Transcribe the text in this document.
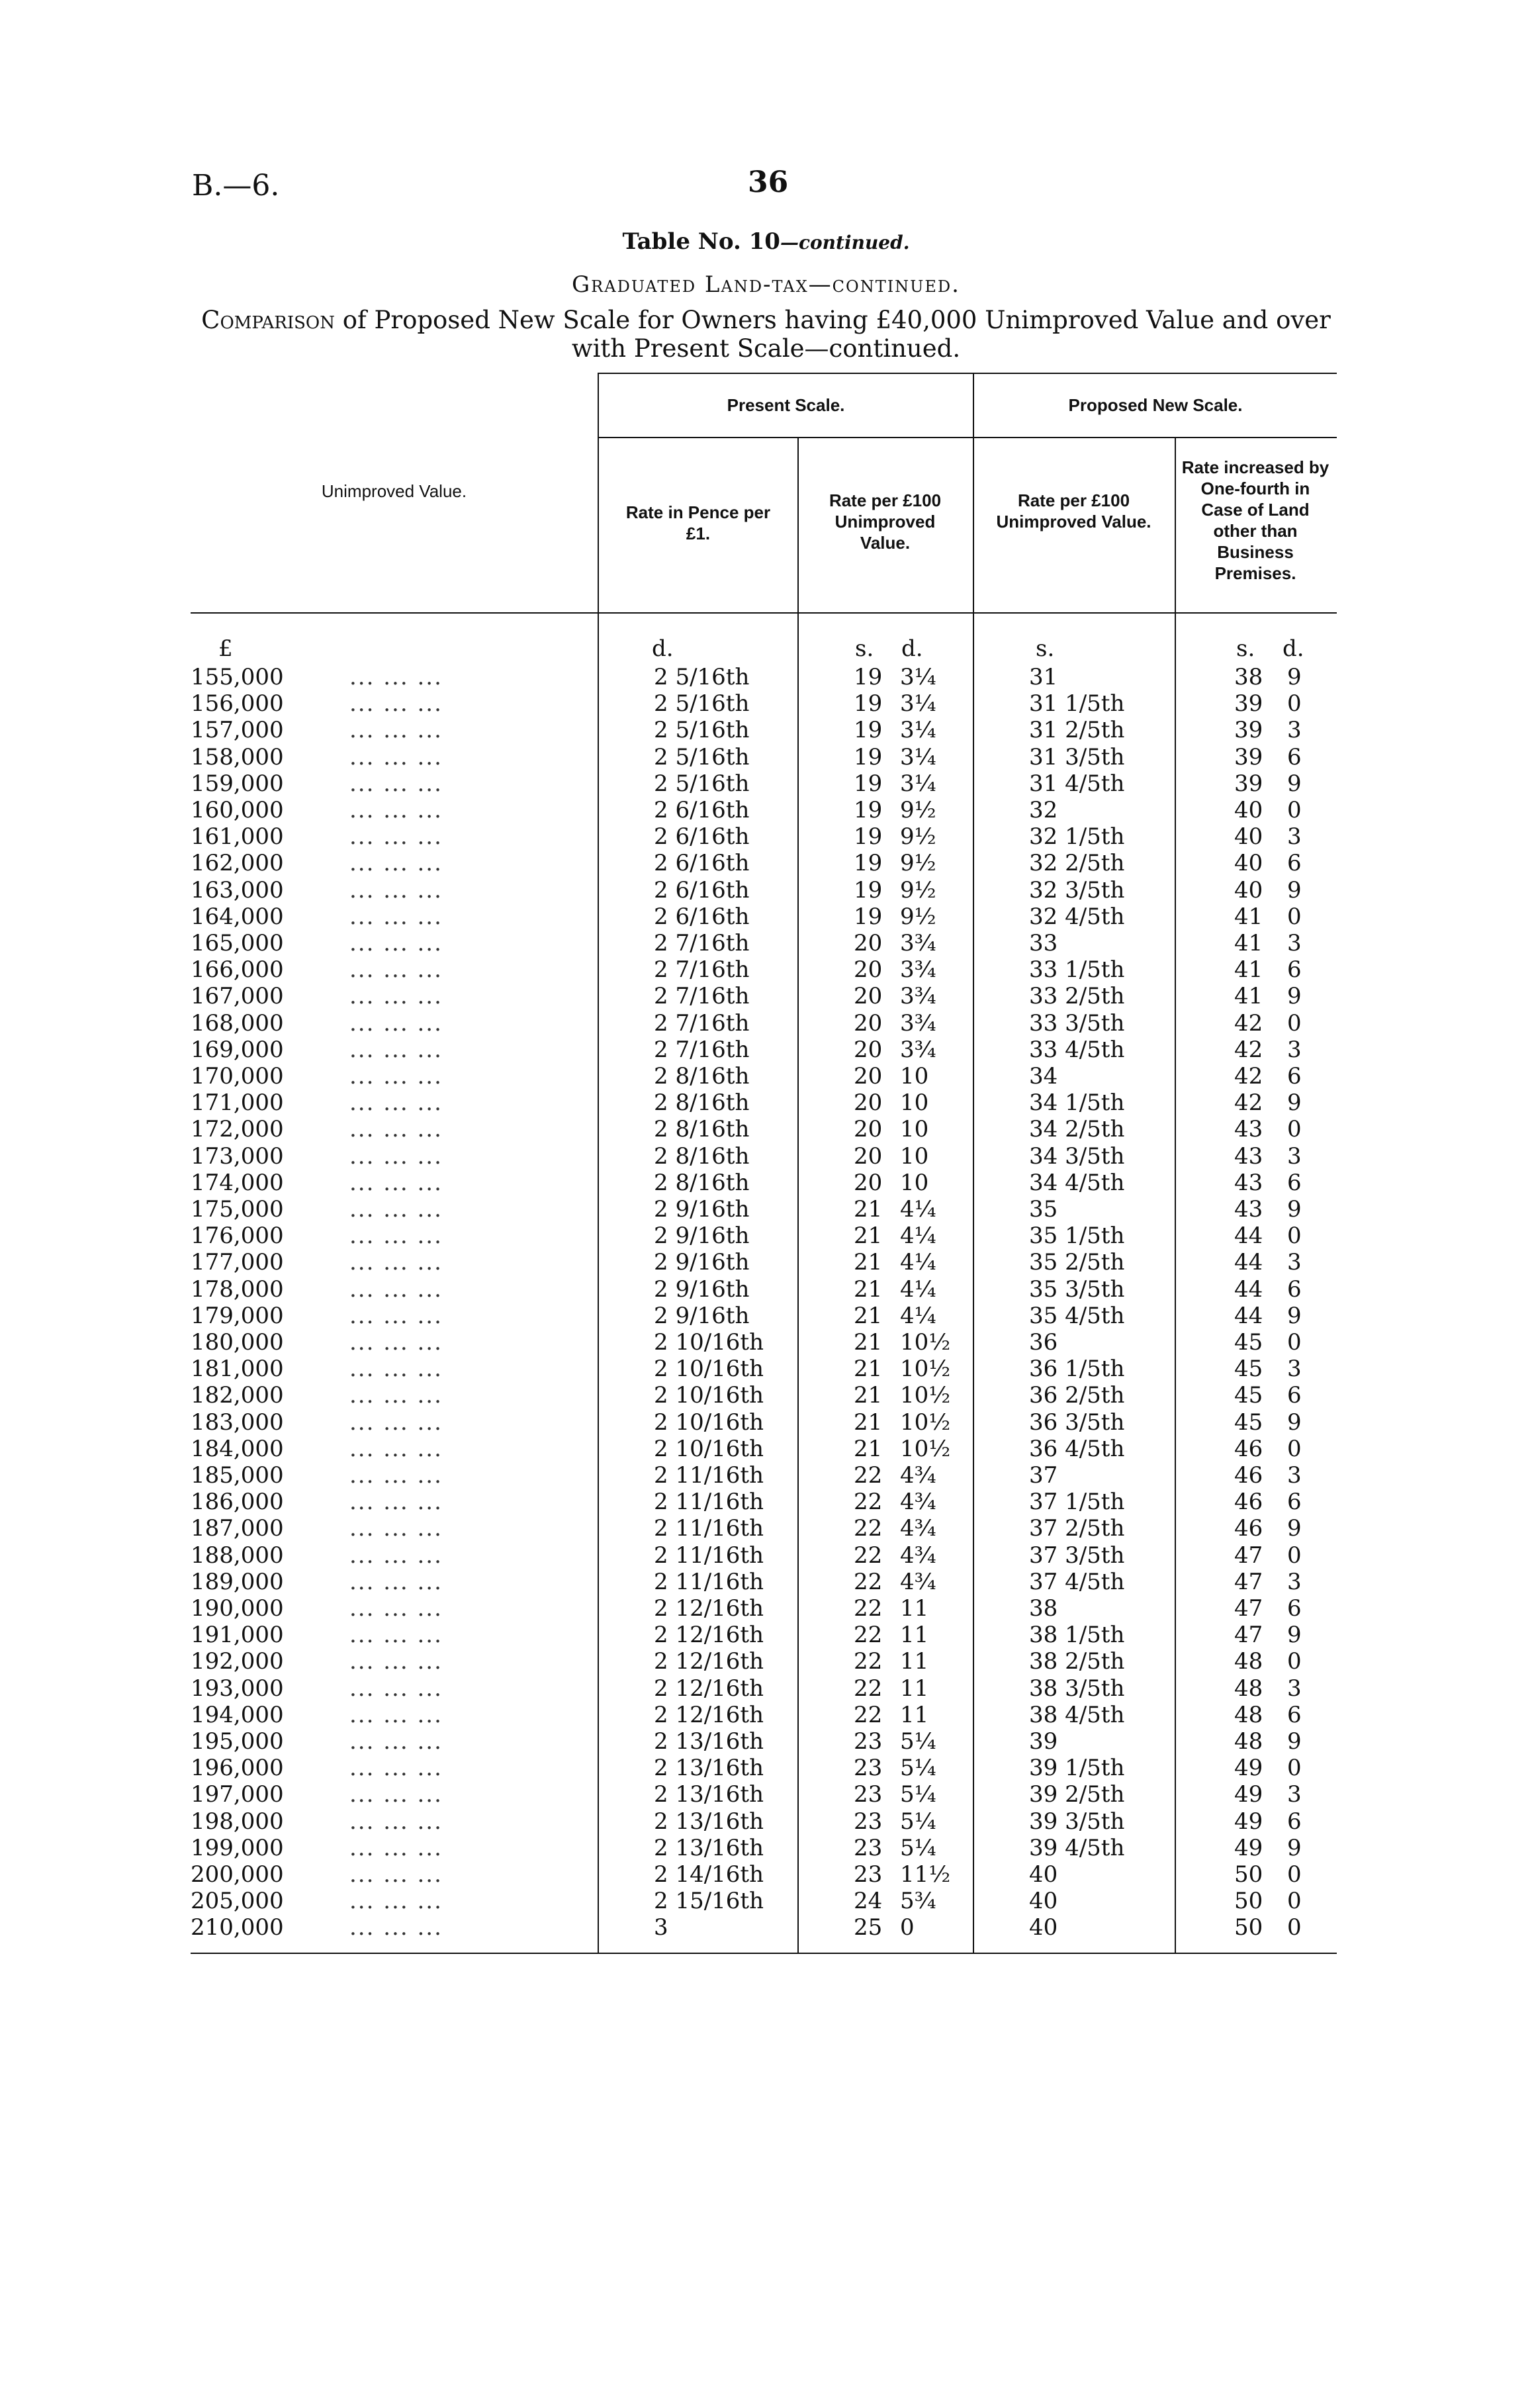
B.—6.	36
Table No. 10—continued.
Graduated Land-tax—continued.
Comparison of Proposed New Scale for Owners having £40,000 Unimproved Value and over
with Present Scale—continued.
Unimproved Value.
Present Scale.	Proposed New Scale.
Rate in Pence per £1.
Rate per £100 Unimproved Value.
Rate per £100 Unimproved Value.
Rate increased by One-fourth in Case of Land other than Business Premises.
£	d.	s. d.	s.	s. d.
155,000	... ... ...	2 5/16th	19 3¼	31	38 9
156,000	... ... ...	2 5/16th	19 3¼	31 1/5th	39 0
157,000	... ... ...	2 5/16th	19 3¼	31 2/5th	39 3
158,000	... ... ...	2 5/16th	19 3¼	31 3/5th	39 6
159,000	... ... ...	2 5/16th	19 3¼	31 4/5th	39 9
160,000	... ... ...	2 6/16th	19 9½	32	40 0
161,000	... ... ...	2 6/16th	19 9½	32 1/5th	40 3
162,000	... ... ...	2 6/16th	19 9½	32 2/5th	40 6
163,000	... ... ...	2 6/16th	19 9½	32 3/5th	40 9
164,000	... ... ...	2 6/16th	19 9½	32 4/5th	41 0
165,000	... ... ...	2 7/16th	20 3¾	33	41 3
166,000	... ... ...	2 7/16th	20 3¾	33 1/5th	41 6
167,000	... ... ...	2 7/16th	20 3¾	33 2/5th	41 9
168,000	... ... ...	2 7/16th	20 3¾	33 3/5th	42 0
169,000	... ... ...	2 7/16th	20 3¾	33 4/5th	42 3
170,000	... ... ...	2 8/16th	20 10	34	42 6
171,000	... ... ...	2 8/16th	20 10	34 1/5th	42 9
172,000	... ... ...	2 8/16th	20 10	34 2/5th	43 0
173,000	... ... ...	2 8/16th	20 10	34 3/5th	43 3
174,000	... ... ...	2 8/16th	20 10	34 4/5th	43 6
175,000	... ... ...	2 9/16th	21 4¼	35	43 9
176,000	... ... ...	2 9/16th	21 4¼	35 1/5th	44 0
177,000	... ... ...	2 9/16th	21 4¼	35 2/5th	44 3
178,000	... ... ...	2 9/16th	21 4¼	35 3/5th	44 6
179,000	... ... ...	2 9/16th	21 4¼	35 4/5th	44 9
180,000	... ... ...	2 10/16th	21 10½	36	45 0
181,000	... ... ...	2 10/16th	21 10½	36 1/5th	45 3
182,000	... ... ...	2 10/16th	21 10½	36 2/5th	45 6
183,000	... ... ...	2 10/16th	21 10½	36 3/5th	45 9
184,000	... ... ...	2 10/16th	21 10½	36 4/5th	46 0
185,000	... ... ...	2 11/16th	22 4¾	37	46 3
186,000	... ... ...	2 11/16th	22 4¾	37 1/5th	46 6
187,000	... ... ...	2 11/16th	22 4¾	37 2/5th	46 9
188,000	... ... ...	2 11/16th	22 4¾	37 3/5th	47 0
189,000	... ... ...	2 11/16th	22 4¾	37 4/5th	47 3
190,000	... ... ...	2 12/16th	22 11	38	47 6
191,000	... ... ...	2 12/16th	22 11	38 1/5th	47 9
192,000	... ... ...	2 12/16th	22 11	38 2/5th	48 0
193,000	... ... ...	2 12/16th	22 11	38 3/5th	48 3
194,000	... ... ...	2 12/16th	22 11	38 4/5th	48 6
195,000	... ... ...	2 13/16th	23 5¼	39	48 9
196,000	... ... ...	2 13/16th	23 5¼	39 1/5th	49 0
197,000	... ... ...	2 13/16th	23 5¼	39 2/5th	49 3
198,000	... ... ...	2 13/16th	23 5¼	39 3/5th	49 6
199,000	... ... ...	2 13/16th	23 5¼	39 4/5th	49 9
200,000	... ... ...	2 14/16th	23 11½	40	50 0
205,000	... ... ...	2 15/16th	24 5¾	40	50 0
210,000	... ... ...	3	25 0	40	50 0
